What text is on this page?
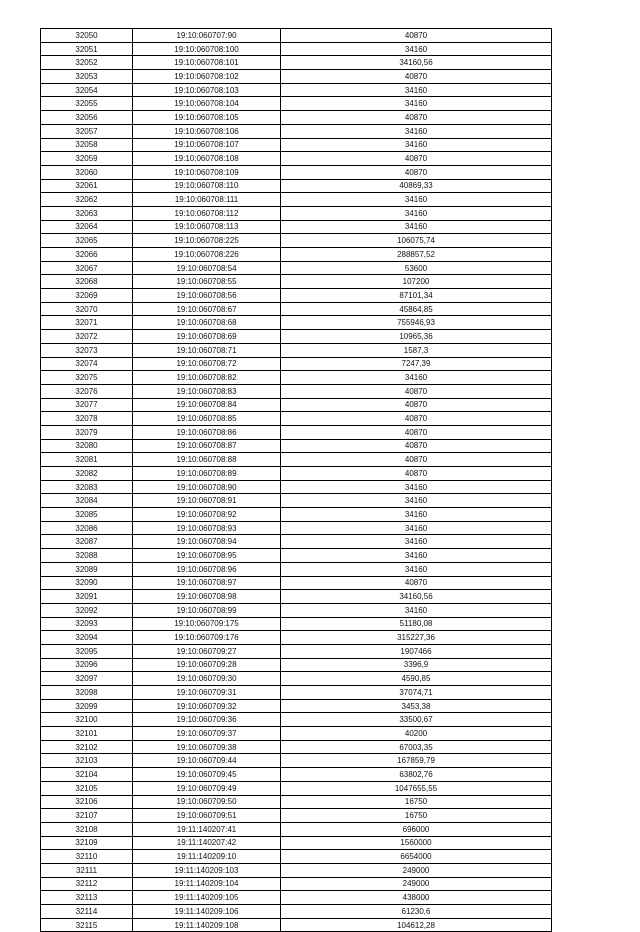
32050	19:10:060707:90	40870
32051	19:10:060708:100	34160
32052	19:10:060708:101	34160,56
32053	19:10:060708:102	40870
32054	19:10:060708:103	34160
32055	19:10:060708:104	34160
32056	19:10:060708:105	40870
32057	19:10:060708:106	34160
32058	19:10:060708:107	34160
32059	19:10:060708:108	40870
32060	19:10:060708:109	40870
32061	19:10:060708:110	40869,33
32062	19:10:060708:111	34160
32063	19:10:060708:112	34160
32064	19:10:060708:113	34160
32065	19:10:060708:225	106075,74
32066	19:10:060708:226	288857,52
32067	19:10:060708:54	53600
32068	19:10:060708:55	107200
32069	19:10:060708:56	87101,34
32070	19:10:060708:67	45864,85
32071	19:10:060708:68	755946,93
32072	19:10:060708:69	10965,36
32073	19:10:060708:71	1587,3
32074	19:10:060708:72	7247,39
32075	19:10:060708:82	34160
32076	19:10:060708:83	40870
32077	19:10:060708:84	40870
32078	19:10:060708:85	40870
32079	19:10:060708:86	40870
32080	19:10:060708:87	40870
32081	19:10:060708:88	40870
32082	19:10:060708:89	40870
32083	19:10:060708:90	34160
32084	19:10:060708:91	34160
32085	19:10:060708:92	34160
32086	19:10:060708:93	34160
32087	19:10:060708:94	34160
32088	19:10:060708:95	34160
32089	19:10:060708:96	34160
32090	19:10:060708:97	40870
32091	19:10:060708:98	34160,56
32092	19:10:060708:99	34160
32093	19:10:060709:175	51180,08
32094	19:10:060709:176	315227,36
32095	19:10:060709:27	1907466
32096	19:10:060709:28	3396,9
32097	19:10:060709:30	4590,85
32098	19:10:060709:31	37074,71
32099	19:10:060709:32	3453,38
32100	19:10:060709:36	33500,67
32101	19:10:060709:37	40200
32102	19:10:060709:38	67003,35
32103	19:10:060709:44	167859,79
32104	19:10:060709:45	63802,76
32105	19:10:060709:49	1047655,55
32106	19:10:060709:50	16750
32107	19:10:060709:51	16750
32108	19:11:140207:41	696000
32109	19:11:140207:42	1560000
32110	19:11:140209:10	6654000
32111	19:11:140209:103	249000
32112	19:11:140209:104	249000
32113	19:11:140209:105	438000
32114	19:11:140209:106	61230,6
32115	19:11:140209:108	104612,28
